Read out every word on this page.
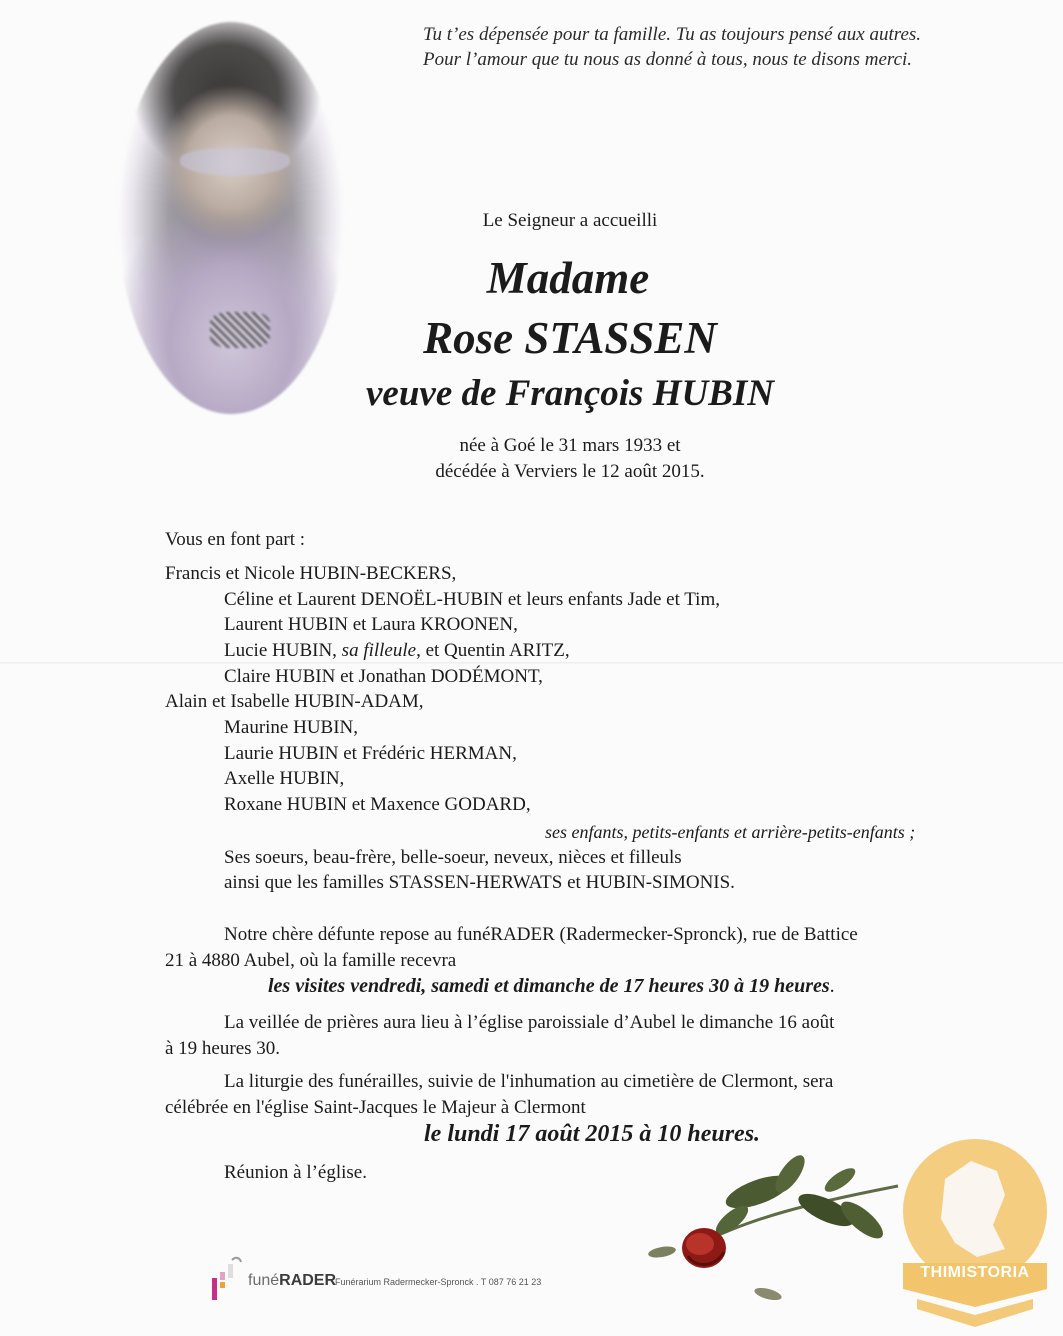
Tu t’es dépensée pour ta famille. Tu as toujours pensé aux autres.
Pour l’amour que tu nous as donné à tous, nous te disons merci.
Le Seigneur a accueilli
Madame
Rose STASSEN
veuve de François HUBIN
née à Goé le 31 mars 1933 et
décédée à Verviers le 12 août 2015.
Vous en font part :
Francis et Nicole HUBIN-BECKERS,
Céline et Laurent DENOËL-HUBIN et leurs enfants Jade et Tim,
Laurent HUBIN et Laura KROONEN,
Lucie HUBIN, sa filleule, et Quentin ARITZ,
Claire HUBIN et Jonathan DODÉMONT,
Alain et Isabelle HUBIN-ADAM,
Maurine HUBIN,
Laurie HUBIN et Frédéric HERMAN,
Axelle HUBIN,
Roxane HUBIN et Maxence GODARD,
ses enfants, petits-enfants et arrière-petits-enfants ;
Ses soeurs, beau-frère, belle-soeur, neveux, nièces et filleuls
ainsi que les familles STASSEN-HERWATS et HUBIN-SIMONIS.
Notre chère défunte repose au funéRADER (Radermecker-Spronck), rue de Battice
21 à 4880 Aubel, où la famille recevra
les visites vendredi, samedi et dimanche de 17 heures 30 à 19 heures.
La veillée de prières aura lieu à l’église paroissiale d’Aubel le dimanche 16 août
à 19 heures 30.
La liturgie des funérailles, suivie de l'inhumation au cimetière de Clermont, sera
célébrée en l'église Saint-Jacques le Majeur à Clermont
le lundi 17 août 2015 à 10 heures.
Réunion à l’église.
funéRADER
Funérarium Radermecker-Spronck . T 087 76 21 23
THIMISTORIA
